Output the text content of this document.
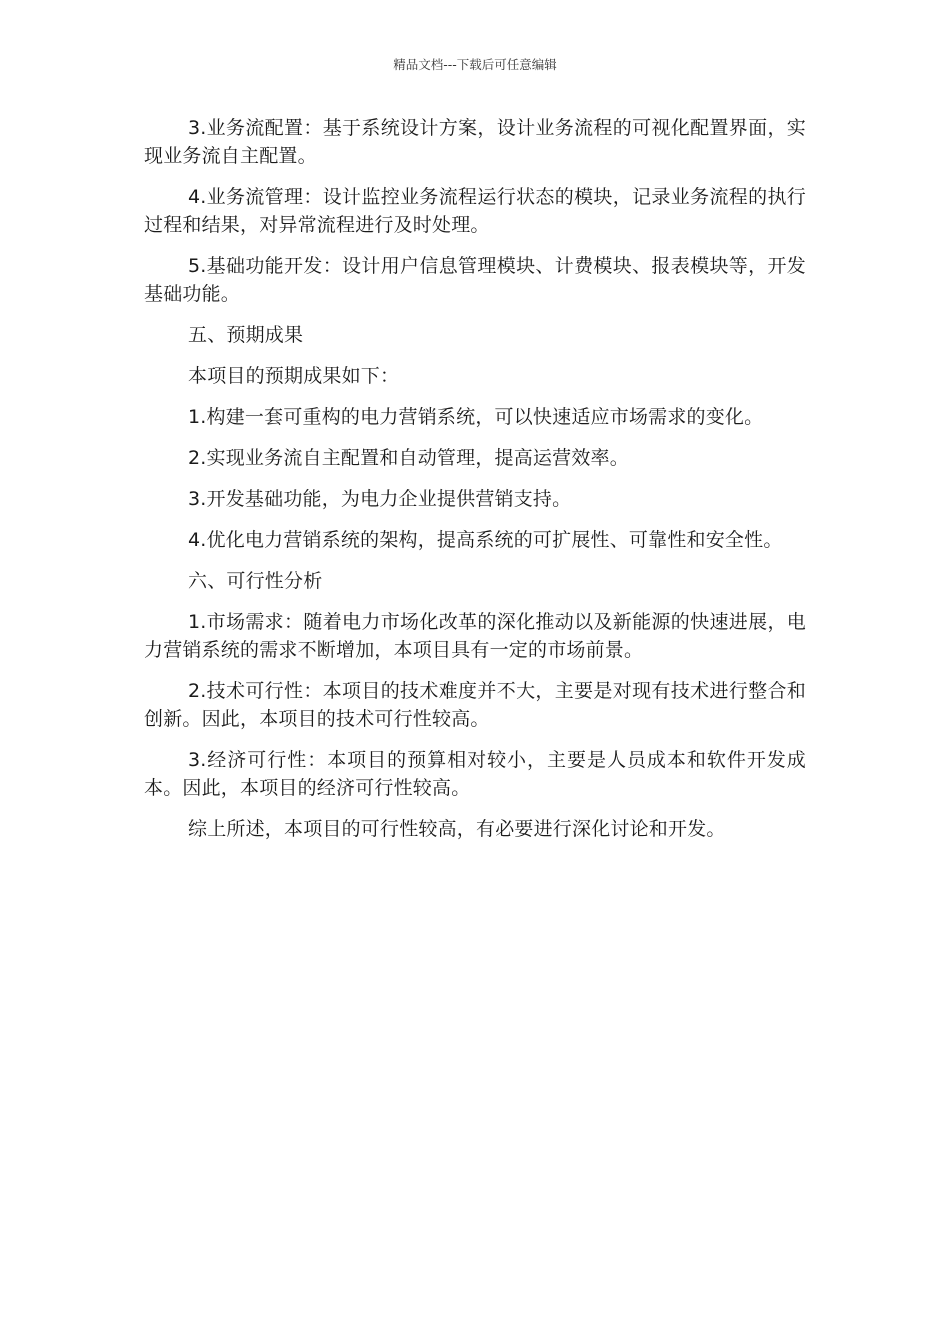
精品文档---下载后可任意编辑

3.业务流配置：基于系统设计方案，设计业务流程的可视化配置界面，实现业务流自主配置。

4.业务流管理：设计监控业务流程运行状态的模块，记录业务流程的执行过程和结果，对异常流程进行及时处理。

5.基础功能开发：设计用户信息管理模块、计费模块、报表模块等，开发基础功能。

五、预期成果

本项目的预期成果如下：

1.构建一套可重构的电力营销系统，可以快速适应市场需求的变化。

2.实现业务流自主配置和自动管理，提高运营效率。

3.开发基础功能，为电力企业提供营销支持。

4.优化电力营销系统的架构，提高系统的可扩展性、可靠性和安全性。

六、可行性分析

1.市场需求：随着电力市场化改革的深化推动以及新能源的快速进展，电力营销系统的需求不断增加，本项目具有一定的市场前景。

2.技术可行性：本项目的技术难度并不大，主要是对现有技术进行整合和创新。因此，本项目的技术可行性较高。

3.经济可行性：本项目的预算相对较小，主要是人员成本和软件开发成本。因此，本项目的经济可行性较高。

综上所述，本项目的可行性较高，有必要进行深化讨论和开发。
